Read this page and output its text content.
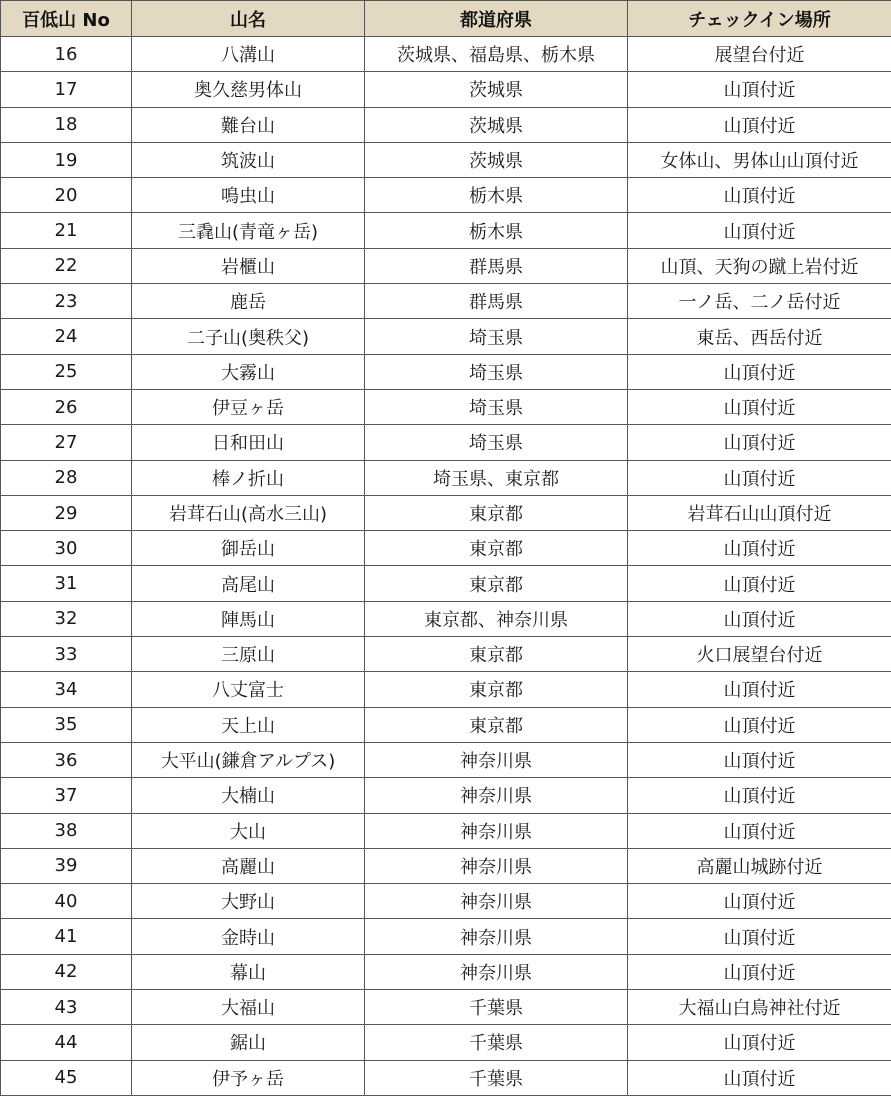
百低山 No	山名	都道府県	チェックイン場所
16	八溝山	茨城県、福島県、栃木県	展望台付近
17	奥久慈男体山	茨城県	山頂付近
18	難台山	茨城県	山頂付近
19	筑波山	茨城県	女体山、男体山山頂付近
20	鳴虫山	栃木県	山頂付近
21	三毳山(青竜ヶ岳)	栃木県	山頂付近
22	岩櫃山	群馬県	山頂、天狗の蹴上岩付近
23	鹿岳	群馬県	一ノ岳、二ノ岳付近
24	二子山(奥秩父)	埼玉県	東岳、西岳付近
25	大霧山	埼玉県	山頂付近
26	伊豆ヶ岳	埼玉県	山頂付近
27	日和田山	埼玉県	山頂付近
28	棒ノ折山	埼玉県、東京都	山頂付近
29	岩茸石山(高水三山)	東京都	岩茸石山山頂付近
30	御岳山	東京都	山頂付近
31	高尾山	東京都	山頂付近
32	陣馬山	東京都、神奈川県	山頂付近
33	三原山	東京都	火口展望台付近
34	八丈富士	東京都	山頂付近
35	天上山	東京都	山頂付近
36	大平山(鎌倉アルプス)	神奈川県	山頂付近
37	大楠山	神奈川県	山頂付近
38	大山	神奈川県	山頂付近
39	高麗山	神奈川県	高麗山城跡付近
40	大野山	神奈川県	山頂付近
41	金時山	神奈川県	山頂付近
42	幕山	神奈川県	山頂付近
43	大福山	千葉県	大福山白鳥神社付近
44	鋸山	千葉県	山頂付近
45	伊予ヶ岳	千葉県	山頂付近
